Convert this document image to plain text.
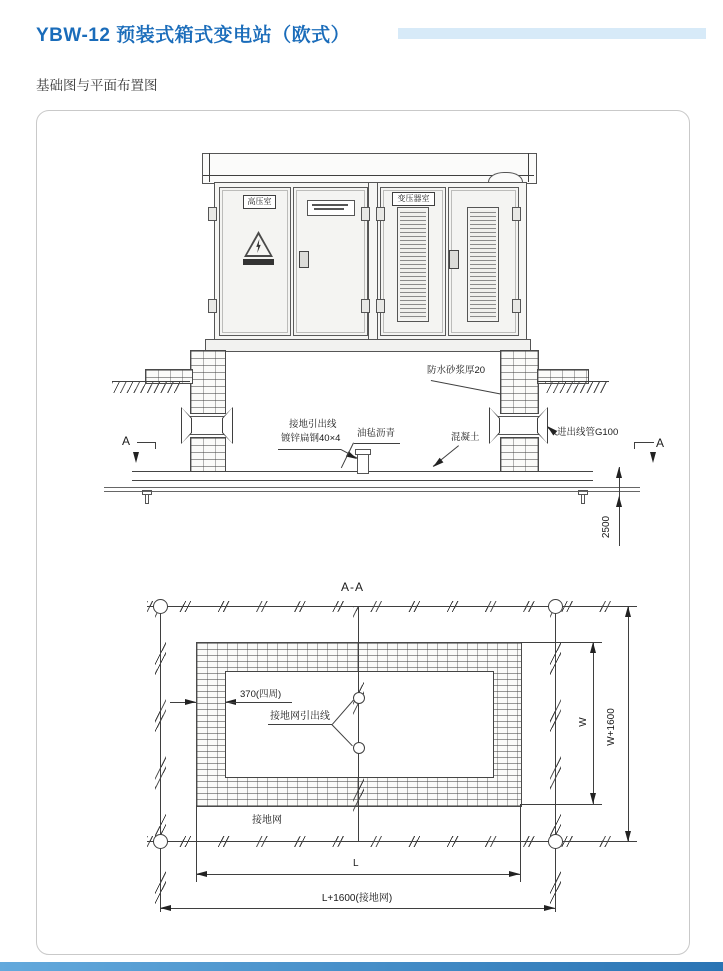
YBW-12 预装式箱式变电站（欧式）
基础图与平面布置图
高压室	变压器室
接地引出线
镀锌扁钢40×4 油毡沥青	混凝土
防水砂浆厚20
进出线管G100
A	A
2500
A-A
370(四周)
接地网引出线
接地网
W W+1600
L
L+1600(接地网)
